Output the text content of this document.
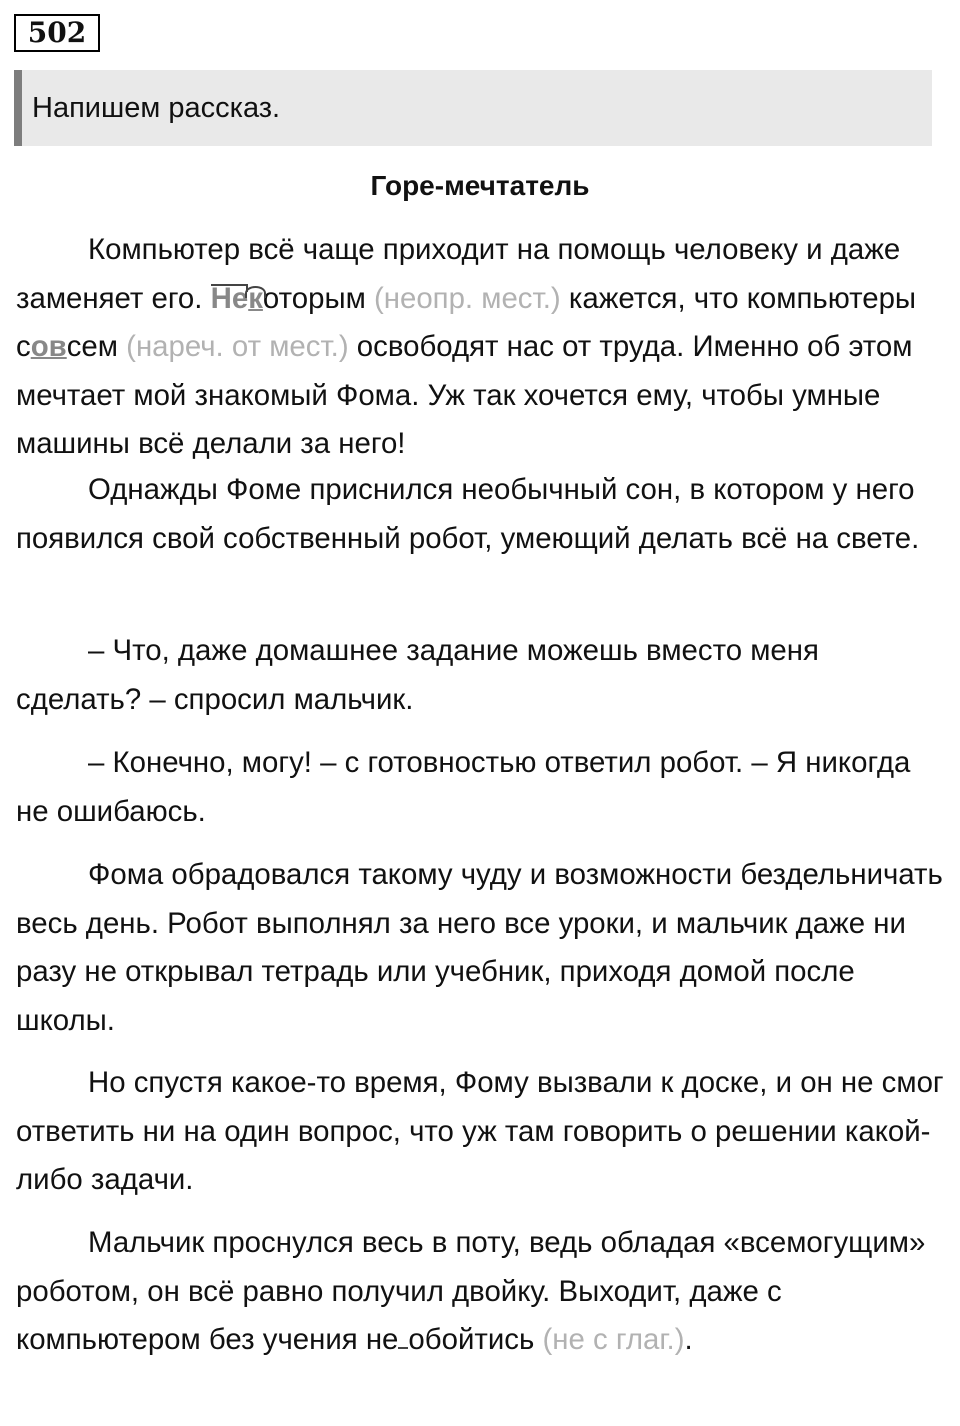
502
Напишем рассказ.
Горе-мечтатель

Компьютер всё чаще приходит на помощь человеку и даже заменяет его. Некоторым (неопр. мест.) кажется, что компьютеры совсем (нареч. от мест.) освободят нас от труда. Именно об этом мечтает мой знакомый Фома. Уж так хочется ему, чтобы умные машины всё делали за него!

Однажды Фоме приснился необычный сон, в котором у него появился свой собственный робот, умеющий делать всё на свете.

– Что, даже домашнее задание можешь вместо меня сделать? – спросил мальчик.

– Конечно, могу! – с готовностью ответил робот. – Я никогда не ошибаюсь.

Фома обрадовался такому чуду и возможности бездельничать весь день. Робот выполнял за него все уроки, и мальчик даже ни разу не открывал тетрадь или учебник, приходя домой после школы.

Но спустя какое-то время, Фому вызвали к доске, и он не смог ответить ни на один вопрос, что уж там говорить о решении какой-либо задачи.

Мальчик проснулся весь в поту, ведь обладая «всемогущим» роботом, он всё равно получил двойку. Выходит, даже с компьютером без учения не обойтись (не с глаг.).
